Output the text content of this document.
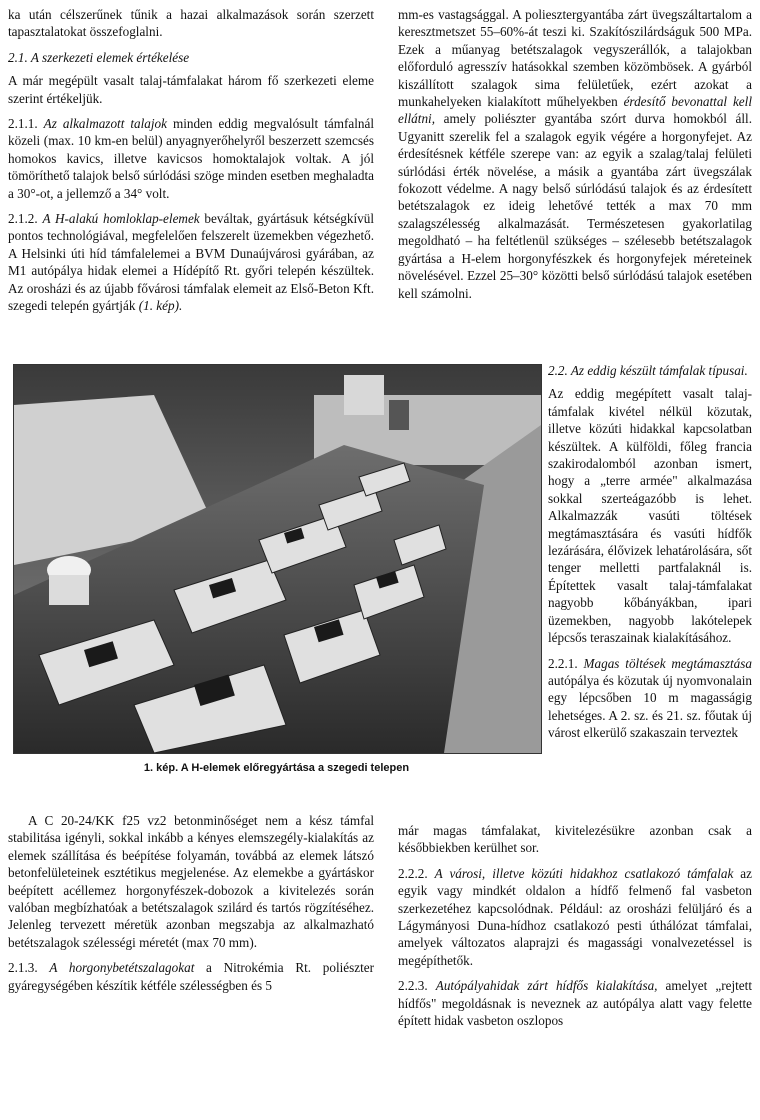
ka után célszerűnek tűnik a hazai alkalmazások során szerzett tapasztalatokat összefoglalni.

2.1. A szerkezeti elemek értékelése

A már megépült vasalt talaj-támfalakat három fő szerkezeti eleme szerint értékeljük.

2.1.1. Az alkalmazott talajok minden eddig megvalósult támfalnál közeli (max. 10 km-en belül) anyagnyerőhelyről beszerzett szemcsés homokos kavics, illetve kavicsos homoktalajok voltak. A jól tömöríthető talajok belső súrlódási szöge minden esetben meghaladta a 30°-ot, a jellemző a 34° volt.

2.1.2. A H-alakú homloklap-elemek beváltak, gyártásuk kétségkívül pontos technológiával, megfelelően felszerelt üzemekben végezhető. A Helsinki úti híd támfalelemei a BVM Dunaújvárosi gyárában, az M1 autópálya hidak elemei a Hídépítő Rt. győri telepén készültek. Az orosházi és az újabb fővárosi támfalak elemeit az Első-Beton Kft. szegedi telepén gyártják (1. kép).

mm-es vastagsággal. A poliesztergyantába zárt üvegszáltartalom a keresztmetszet 55–60%-át teszi ki. Szakítószilárdságuk 500 MPa. Ezek a műanyag betétszalagok vegyszerállók, a talajokban előforduló agresszív hatásokkal szemben közömbösek. A gyárból kiszállított szalagok sima felületűek, ezért azokat a munkahelyeken kialakított műhelyekben érdesítő bevonattal kell ellátni, amely poliészter gyantába szórt durva homokból áll. Ugyanitt szerelik fel a szalagok egyik végére a horgonyfejet. Az érdesítésnek kétféle szerepe van: az egyik a szalag/talaj felületi súrlódási érték növelése, a másik a gyantába zárt üvegszálak fokozott védelme. A nagy belső súrlódású talajok és az érdesített betétszalagok ez ideig lehetővé tették a max 70 mm szalagszélesség alkalmazását. Természetesen gyakorlatilag megoldható – ha feltétlenül szükséges – szélesebb betétszalagok gyártása a H-elem horgonyfészkek és horgonyfejek méreteinek növelésével. Ezzel 25–30° közötti belső súrlódású talajok esetében kell számolni.

1. kép. A H-elemek előregyártása a szegedi telepen
2.2. Az eddig készült támfalak típusai.

Az eddig megépített vasalt talaj-támfalak kivétel nélkül közutak, illetve közúti hidakkal kapcsolatban készültek. A külföldi, főleg francia szakirodalomból azonban ismert, hogy a „terre armée" alkalmazása sokkal szerteágazóbb is lehet. Alkalmazzák vasúti töltések megtámasztására és vasúti hídfők lezárására, élővizek lehatárolására, sőt tenger melletti partfalaknál is. Építettek vasalt talaj-támfalakat nagyobb kőbányákban, ipari üzemekben, nagyobb lakótelepek lépcsős teraszainak kialakításához.

2.2.1. Magas töltések megtámasztása autópálya és közutak új nyomvonalain egy lépcsőben 10 m magasságig lehetséges. A 2. sz. és 21. sz. főutak új várost elkerülő szakaszain terveztek

A C 20-24/KK f25 vz2 betonminőséget nem a kész támfal stabilitása igényli, sokkal inkább a kényes elemszegély-kialakítás az elemek szállítása és beépítése folyamán, továbbá az elemek látszó betonfelületeinek esztétikus megjelenése. Az elemekbe a gyártáskor beépített acéllemez horgonyfészek-dobozok a kivitelezés során valóban megbízhatóak a betétszalagok szilárd és tartós rögzítéséhez. Jelenleg tervezett méretük azonban megszabja az alkalmazható betétszalagok szélességi méretét (max 70 mm).

2.1.3. A horgonybetétszalagokat a Nitrokémia Rt. poliészter gyáregységében készítik kétféle szélességben és 5

már magas támfalakat, kivitelezésükre azonban csak a későbbiekben kerülhet sor.

2.2.2. A városi, illetve közúti hidakhoz csatlakozó támfalak az egyik vagy mindkét oldalon a hídfő felmenő fal vasbeton szerkezetéhez kapcsolódnak. Például: az orosházi felüljáró és a Lágymányosi Duna-hídhoz csatlakozó pesti úthálózat támfalai, amelyek változatos alaprajzi és magassági vonalvezetéssel is megépíthetők.

2.2.3. Autópályahidak zárt hídfős kialakítása, amelyet „rejtett hídfős" megoldásnak is neveznek az autópálya alatt vagy felette épített hidak vasbeton oszlopos
